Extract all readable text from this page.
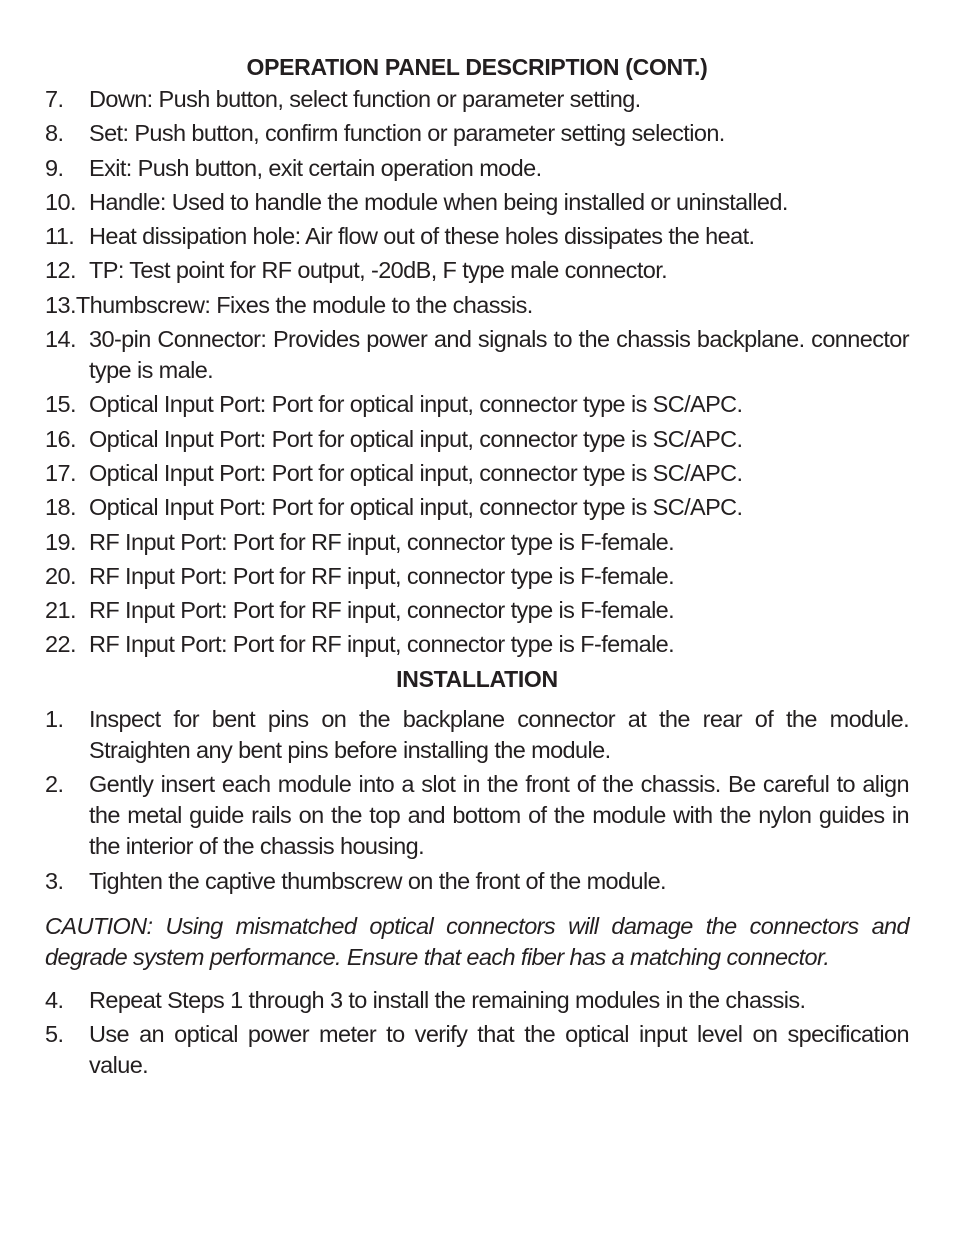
OPERATION PANEL DESCRIPTION (CONT.)
7.	Down: Push button, select function or parameter setting.
8.	Set: Push button, confirm function or parameter setting selection.
9.	Exit: Push button, exit certain operation mode.
10. Handle: Used to handle the module when being installed or uninstalled.
11. Heat dissipation hole: Air flow out of these holes dissipates the heat.
12. TP: Test point for RF output, -20dB, F type male connector.
13. Thumbscrew: Fixes the module to the chassis.
14. 30-pin Connector: Provides power and signals to the chassis backplane. connector type is male.
15. Optical Input Port: Port for optical input, connector type is SC/APC.
16. Optical Input Port: Port for optical input, connector type is SC/APC.
17. Optical Input Port: Port for optical input, connector type is SC/APC.
18. Optical Input Port: Port for optical input, connector type is SC/APC.
19. RF Input Port: Port for RF input, connector type is F-female.
20. RF Input Port: Port for RF input, connector type is F-female.
21. RF Input Port: Port for RF input, connector type is F-female.
22. RF Input Port: Port for RF input, connector type is F-female.
INSTALLATION
1.	Inspect for bent pins on the backplane connector at the rear of the module. Straighten any bent pins before installing the module.
2.	Gently insert each module into a slot in the front of the chassis. Be careful to align the metal guide rails on the top and bottom of the module with the nylon guides in the interior of the chassis housing.
3.	Tighten the captive thumbscrew on the front of the module.

CAUTION: Using mismatched optical connectors will damage the connectors and degrade system performance. Ensure that each fiber has a matching connector.

4.	Repeat Steps 1 through 3 to install the remaining modules in the chassis.
5.	Use an optical power meter to verify that the optical input level on specification value.
